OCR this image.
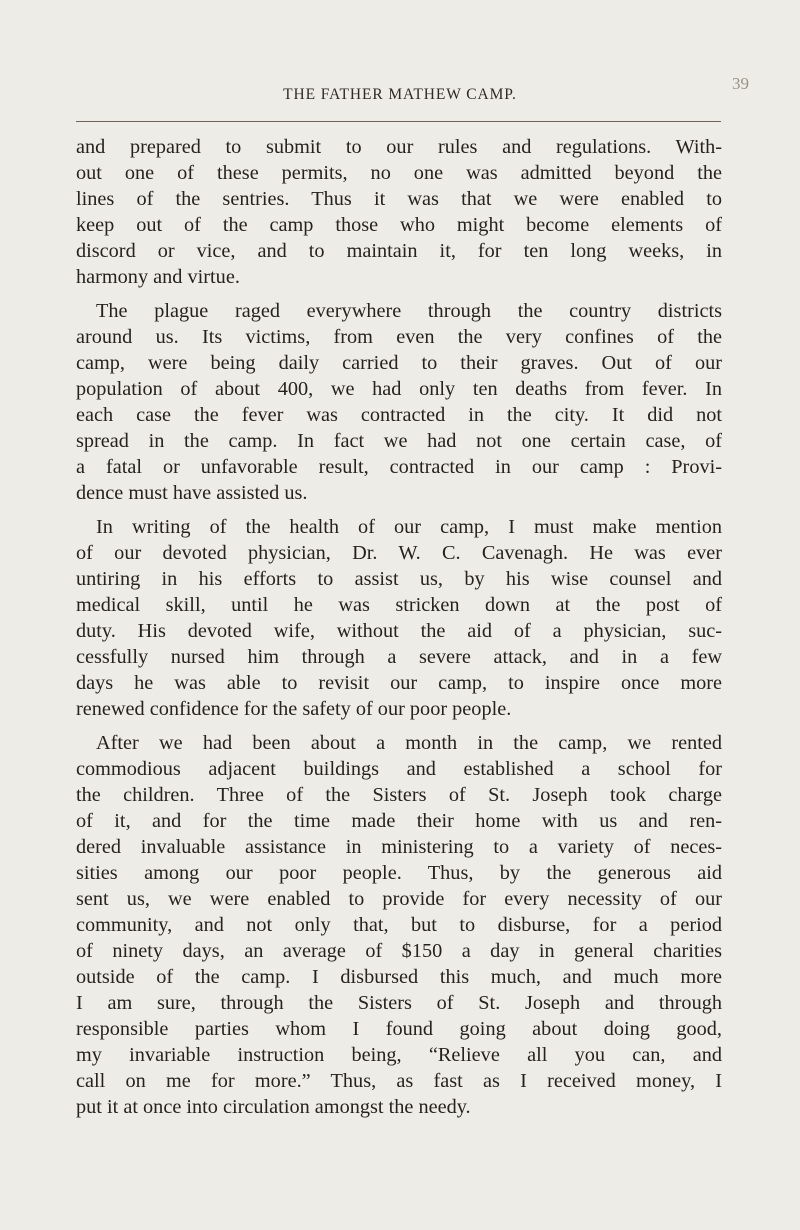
THE FATHER MATHEW CAMP.
39
and prepared to submit to our rules and regulations. With-
out one of these permits, no one was admitted beyond the
lines of the sentries. Thus it was that we were enabled to
keep out of the camp those who might become elements of
discord or vice, and to maintain it, for ten long weeks, in
harmony and virtue.
The plague raged everywhere through the country districts
around us. Its victims, from even the very confines of the
camp, were being daily carried to their graves. Out of our
population of about 400, we had only ten deaths from fever. In
each case the fever was contracted in the city. It did not
spread in the camp. In fact we had not one certain case, of
a fatal or unfavorable result, contracted in our camp : Provi-
dence must have assisted us.
In writing of the health of our camp, I must make mention
of our devoted physician, Dr. W. C. Cavenagh. He was ever
untiring in his efforts to assist us, by his wise counsel and
medical skill, until he was stricken down at the post of
duty. His devoted wife, without the aid of a physician, suc-
cessfully nursed him through a severe attack, and in a few
days he was able to revisit our camp, to inspire once more
renewed confidence for the safety of our poor people.
After we had been about a month in the camp, we rented
commodious adjacent buildings and established a school for
the children. Three of the Sisters of St. Joseph took charge
of it, and for the time made their home with us and ren-
dered invaluable assistance in ministering to a variety of neces-
sities among our poor people. Thus, by the generous aid
sent us, we were enabled to provide for every necessity of our
community, and not only that, but to disburse, for a period
of ninety days, an average of $150 a day in general charities
outside of the camp. I disbursed this much, and much more
I am sure, through the Sisters of St. Joseph and through
responsible parties whom I found going about doing good,
my invariable instruction being, “Relieve all you can, and
call on me for more.” Thus, as fast as I received money, I
put it at once into circulation amongst the needy.
